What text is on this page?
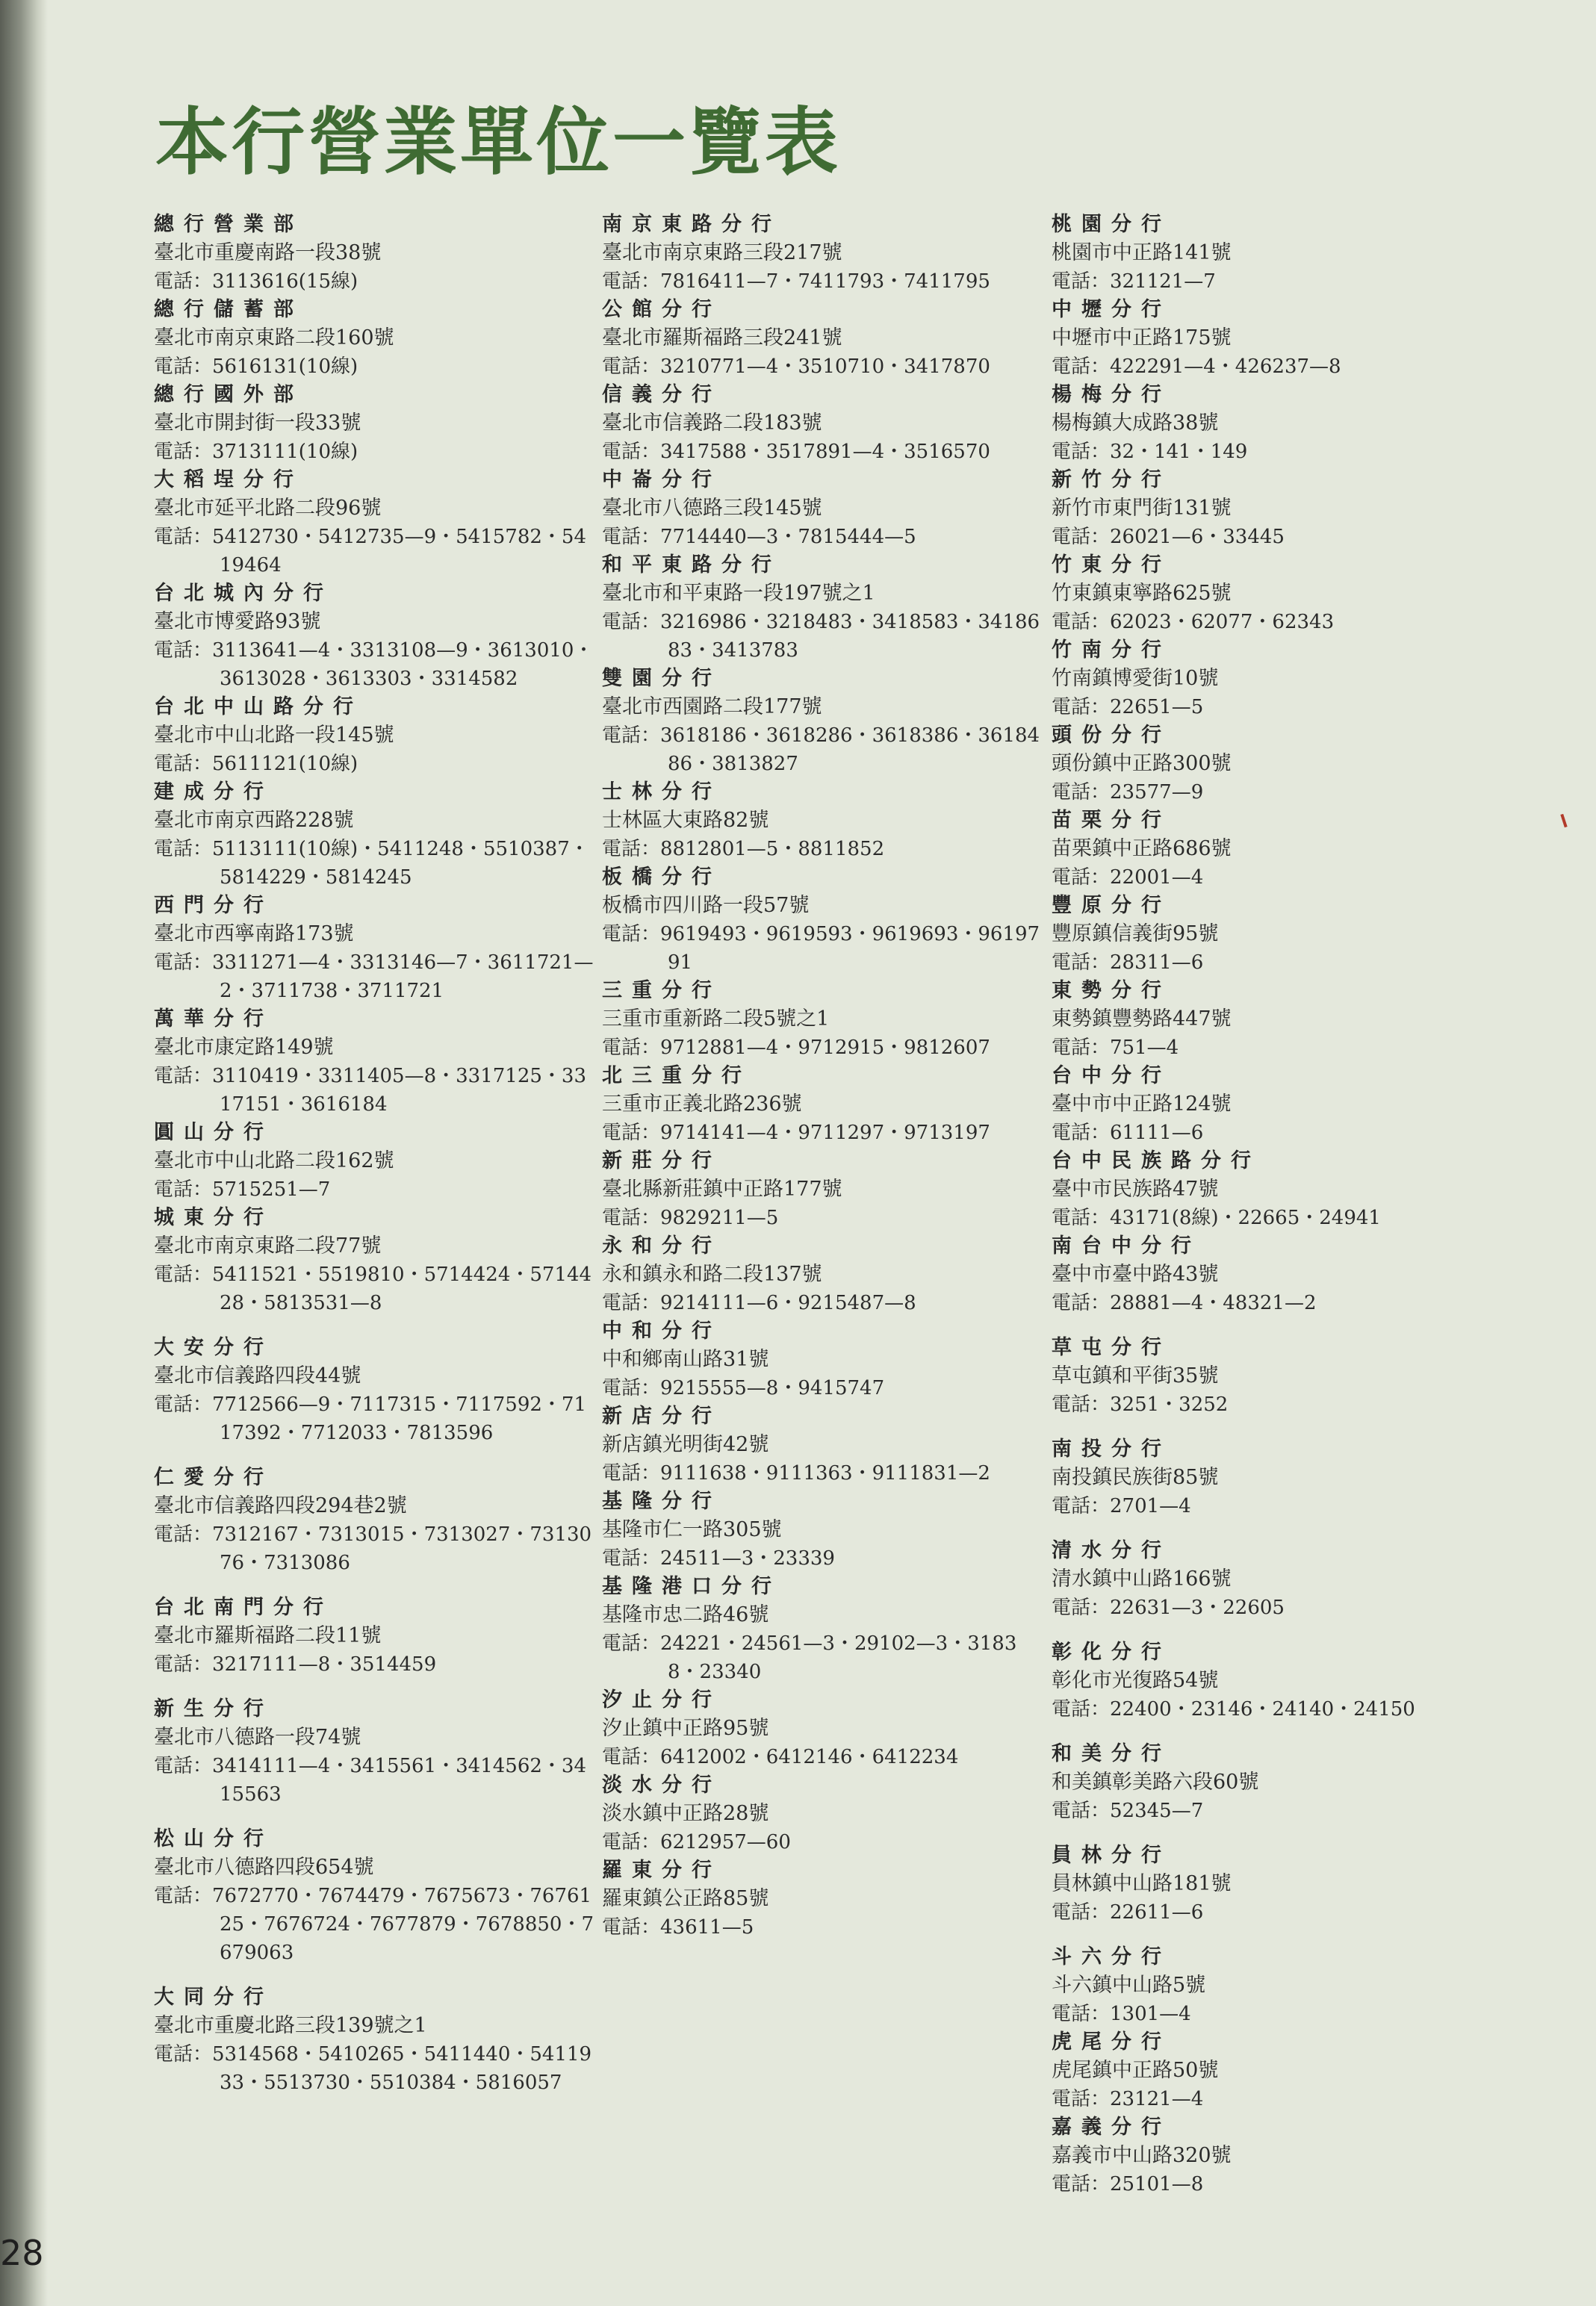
本行營業單位一覽表
總行營業部
臺北市重慶南路一段38號
電話：3113616(15線)
總行儲蓄部
臺北市南京東路二段160號
電話：5616131(10線)
總行國外部
臺北市開封街一段33號
電話：3713111(10線)
大稻埕分行
臺北市延平北路二段96號
電話：5412730・5412735—9・5415782・5419464
台北城內分行
臺北市博愛路93號
電話：3113641—4・3313108—9・3613010・3613028・3613303・3314582
台北中山路分行
臺北市中山北路一段145號
電話：5611121(10線)
建成分行
臺北市南京西路228號
電話：5113111(10線)・5411248・5510387・5814229・5814245
西門分行
臺北市西寧南路173號
電話：3311271—4・3313146—7・3611721—2・3711738・3711721
萬華分行
臺北市康定路149號
電話：3110419・3311405—8・3317125・3317151・3616184
圓山分行
臺北市中山北路二段162號
電話：5715251—7
城東分行
臺北市南京東路二段77號
電話：5411521・5519810・5714424・5714428・5813531—8
大安分行
臺北市信義路四段44號
電話：7712566—9・7117315・7117592・7117392・7712033・7813596
仁愛分行
臺北市信義路四段294巷2號
電話：7312167・7313015・7313027・7313076・7313086
台北南門分行
臺北市羅斯福路二段11號
電話：3217111—8・3514459
新生分行
臺北市八德路一段74號
電話：3414111—4・3415561・3414562・3415563
松山分行
臺北市八德路四段654號
電話：7672770・7674479・7675673・7676125・7676724・7677879・7678850・7679063
大同分行
臺北市重慶北路三段139號之1
電話：5314568・5410265・5411440・5411933・5513730・5510384・5816057
南京東路分行
臺北市南京東路三段217號
電話：7816411—7・7411793・7411795
公館分行
臺北市羅斯福路三段241號
電話：3210771—4・3510710・3417870
信義分行
臺北市信義路二段183號
電話：3417588・3517891—4・3516570
中崙分行
臺北市八德路三段145號
電話：7714440—3・7815444—5
和平東路分行
臺北市和平東路一段197號之1
電話：3216986・3218483・3418583・3418683・3413783
雙園分行
臺北市西園路二段177號
電話：3618186・3618286・3618386・3618486・3813827
士林分行
士林區大東路82號
電話：8812801—5・8811852
板橋分行
板橋市四川路一段57號
電話：9619493・9619593・9619693・9619791
三重分行
三重市重新路二段5號之1
電話：9712881—4・9712915・9812607
北三重分行
三重市正義北路236號
電話：9714141—4・9711297・9713197
新莊分行
臺北縣新莊鎮中正路177號
電話：9829211—5
永和分行
永和鎮永和路二段137號
電話：9214111—6・9215487—8
中和分行
中和鄉南山路31號
電話：9215555—8・9415747
新店分行
新店鎮光明街42號
電話：9111638・9111363・9111831—2
基隆分行
基隆市仁一路305號
電話：24511—3・23339
基隆港口分行
基隆市忠二路46號
電話：24221・24561—3・29102—3・31838・23340
汐止分行
汐止鎮中正路95號
電話：6412002・6412146・6412234
淡水分行
淡水鎮中正路28號
電話：6212957—60
羅東分行
羅東鎮公正路85號
電話：43611—5
桃園分行
桃園市中正路141號
電話：321121—7
中壢分行
中壢市中正路175號
電話：422291—4・426237—8
楊梅分行
楊梅鎮大成路38號
電話：32・141・149
新竹分行
新竹市東門街131號
電話：26021—6・33445
竹東分行
竹東鎮東寧路625號
電話：62023・62077・62343
竹南分行
竹南鎮博愛街10號
電話：22651—5
頭份分行
頭份鎮中正路300號
電話：23577—9
苗栗分行
苗栗鎮中正路686號
電話：22001—4
豐原分行
豐原鎮信義街95號
電話：28311—6
東勢分行
東勢鎮豐勢路447號
電話：751—4
台中分行
臺中市中正路124號
電話：61111—6
台中民族路分行
臺中市民族路47號
電話：43171(8線)・22665・24941
南台中分行
臺中市臺中路43號
電話：28881—4・48321—2
草屯分行
草屯鎮和平街35號
電話：3251・3252
南投分行
南投鎮民族街85號
電話：2701—4
清水分行
清水鎮中山路166號
電話：22631—3・22605
彰化分行
彰化市光復路54號
電話：22400・23146・24140・24150
和美分行
和美鎮彰美路六段60號
電話：52345—7
員林分行
員林鎮中山路181號
電話：22611—6
斗六分行
斗六鎮中山路5號
電話：1301—4
虎尾分行
虎尾鎮中正路50號
電話：23121—4
嘉義分行
嘉義市中山路320號
電話：25101—8
28
